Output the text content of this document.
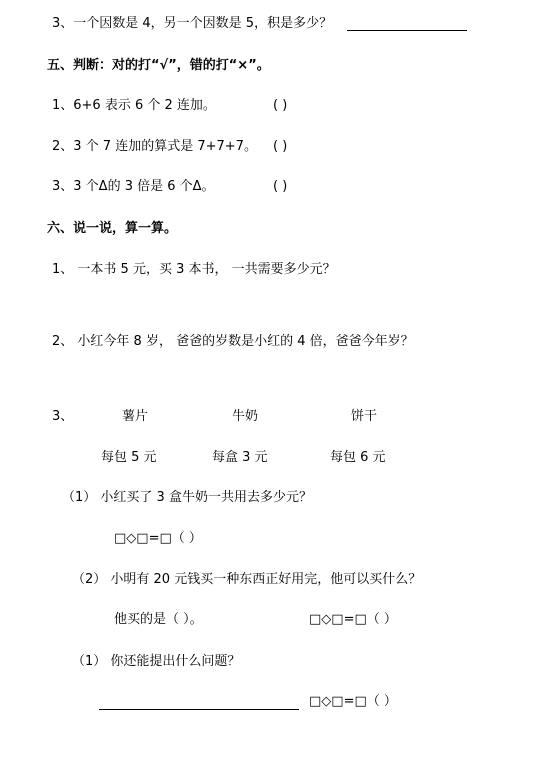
3、一个因数是 4，另一个因数是 5，积是多少？
五、判断：对的打“√”，错的打“×”。
1、6+6 表示 6 个 2 连加。	( )
2、3 个 7 连加的算式是 7+7+7。 ( )
3、3 个Δ的 3 倍是 6 个Δ。	( )
六、说一说，算一算。
1、 一本书 5 元，买 3 本书， 一共需要多少元？
2、 小红今年 8 岁， 爸爸的岁数是小红的 4 倍，爸爸今年岁？
3、	薯片	牛奶	饼干
每包 5 元	每盒 3 元	每包 6 元
（1） 小红买了 3 盒牛奶一共用去多少元？
□◇□=□（ ）
（2） 小明有 20 元钱买一种东西正好用完，他可以买什么？
他买的是（ ）。	□◇□=□（ ）
（1） 你还能提出什么问题？
□◇□=□（ ）
